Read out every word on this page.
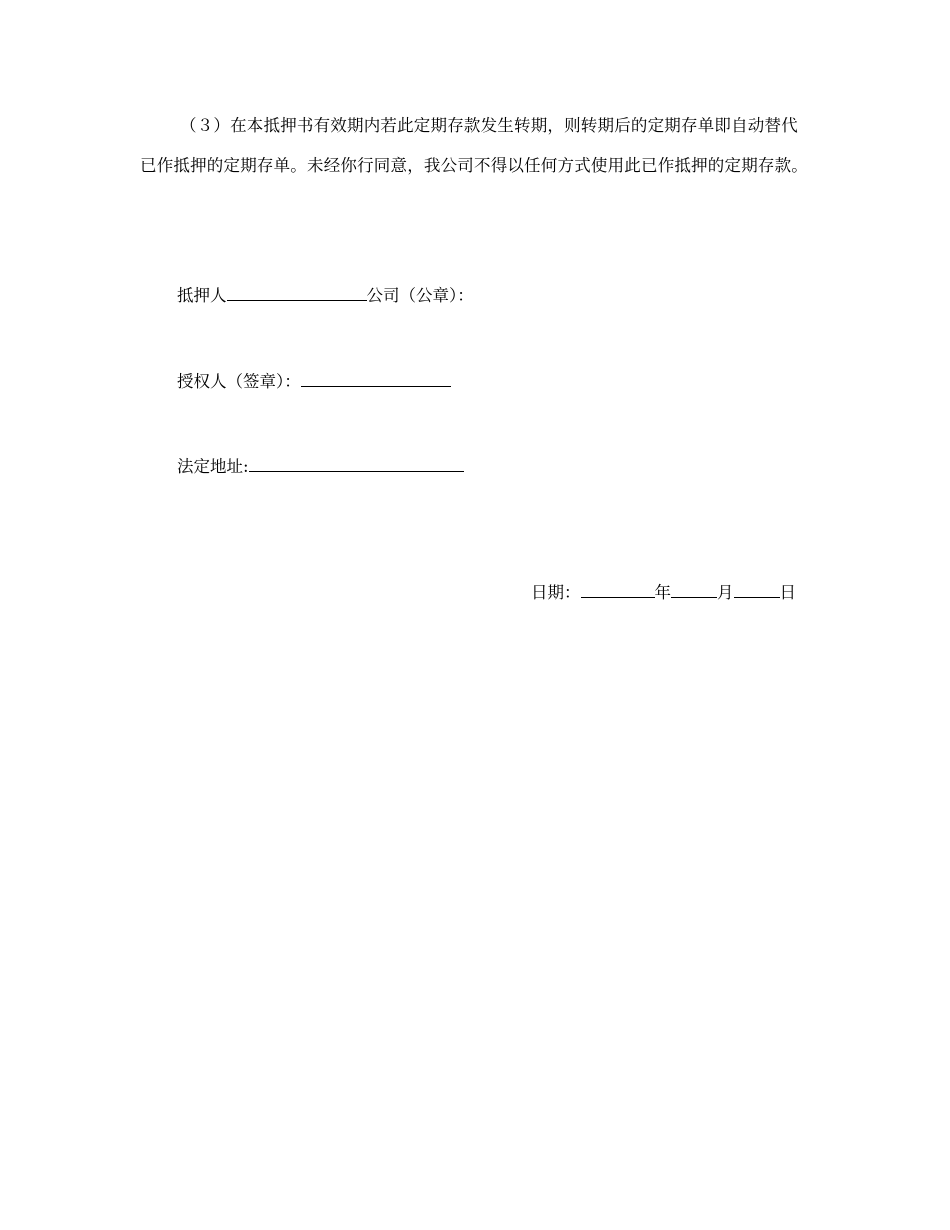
（３）在本抵押书有效期内若此定期存款发生转期，则转期后的定期存单即自动替代已作抵押的定期存单。未经你行同意，我公司不得以任何方式使用此已作抵押的定期存款。

抵押人	公司（公章）：
授权人（签章）：
法定地址:
日期：	年	月	日
